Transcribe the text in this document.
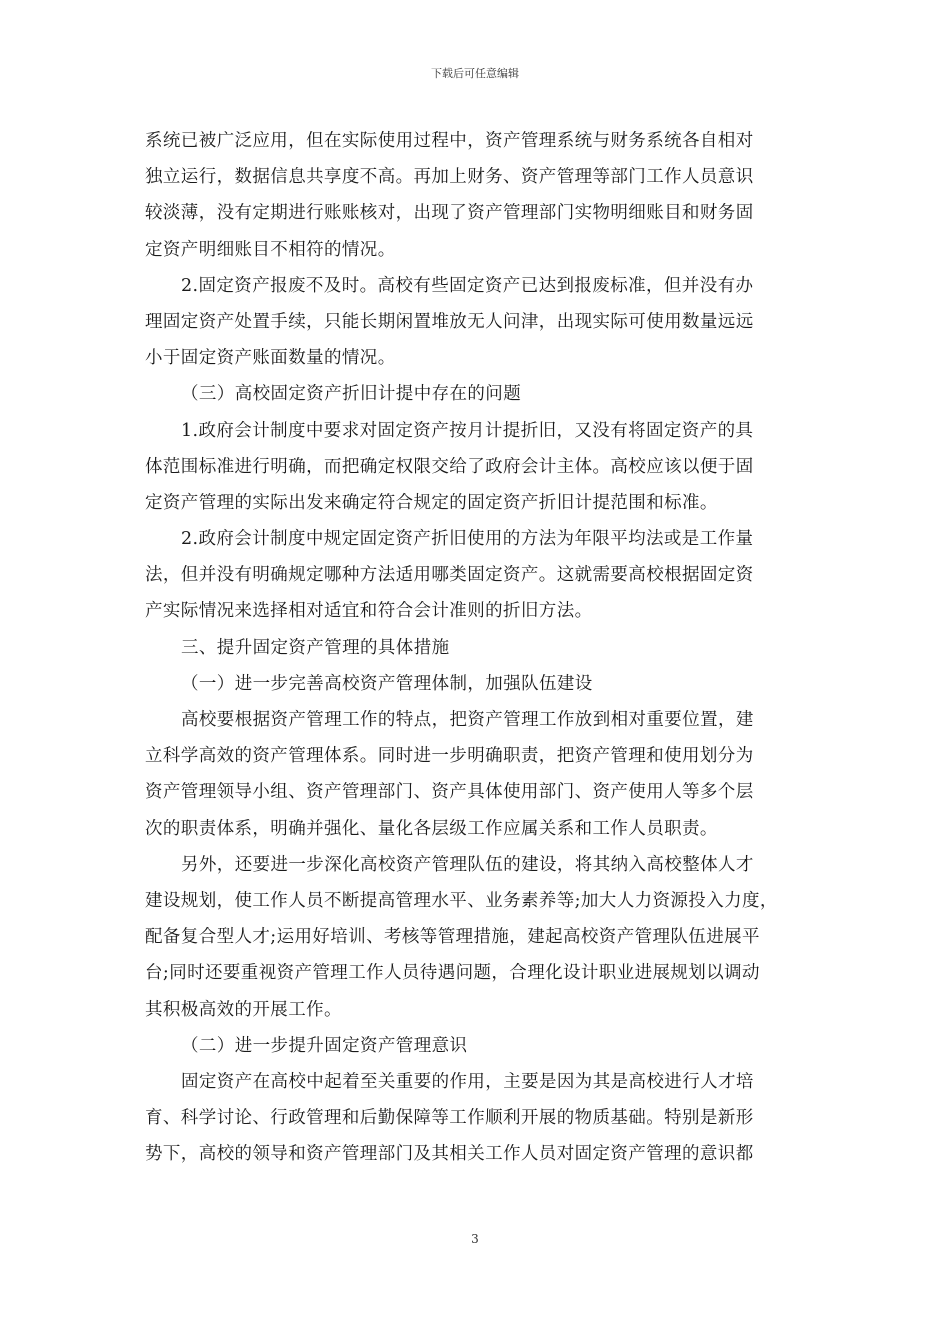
下载后可任意编辑
系统已被广泛应用，但在实际使用过程中，资产管理系统与财务系统各自相对
独立运行，数据信息共享度不高。再加上财务、资产管理等部门工作人员意识
较淡薄，没有定期进行账账核对，出现了资产管理部门实物明细账目和财务固
定资产明细账目不相符的情况。
2.固定资产报废不及时。高校有些固定资产已达到报废标准，但并没有办
理固定资产处置手续，只能长期闲置堆放无人问津，出现实际可使用数量远远
小于固定资产账面数量的情况。
（三）高校固定资产折旧计提中存在的问题
1.政府会计制度中要求对固定资产按月计提折旧，又没有将固定资产的具
体范围标准进行明确，而把确定权限交给了政府会计主体。高校应该以便于固
定资产管理的实际出发来确定符合规定的固定资产折旧计提范围和标准。
2.政府会计制度中规定固定资产折旧使用的方法为年限平均法或是工作量
法，但并没有明确规定哪种方法适用哪类固定资产。这就需要高校根据固定资
产实际情况来选择相对适宜和符合会计准则的折旧方法。
三、提升固定资产管理的具体措施
（一）进一步完善高校资产管理体制，加强队伍建设
高校要根据资产管理工作的特点，把资产管理工作放到相对重要位置，建
立科学高效的资产管理体系。同时进一步明确职责，把资产管理和使用划分为
资产管理领导小组、资产管理部门、资产具体使用部门、资产使用人等多个层
次的职责体系，明确并强化、量化各层级工作应属关系和工作人员职责。
另外，还要进一步深化高校资产管理队伍的建设，将其纳入高校整体人才
建设规划，使工作人员不断提高管理水平、业务素养等;加大人力资源投入力度，
配备复合型人才;运用好培训、考核等管理措施，建起高校资产管理队伍进展平
台;同时还要重视资产管理工作人员待遇问题，合理化设计职业进展规划以调动
其积极高效的开展工作。
（二）进一步提升固定资产管理意识
固定资产在高校中起着至关重要的作用，主要是因为其是高校进行人才培
育、科学讨论、行政管理和后勤保障等工作顺利开展的物质基础。特别是新形
势下，高校的领导和资产管理部门及其相关工作人员对固定资产管理的意识都
3
